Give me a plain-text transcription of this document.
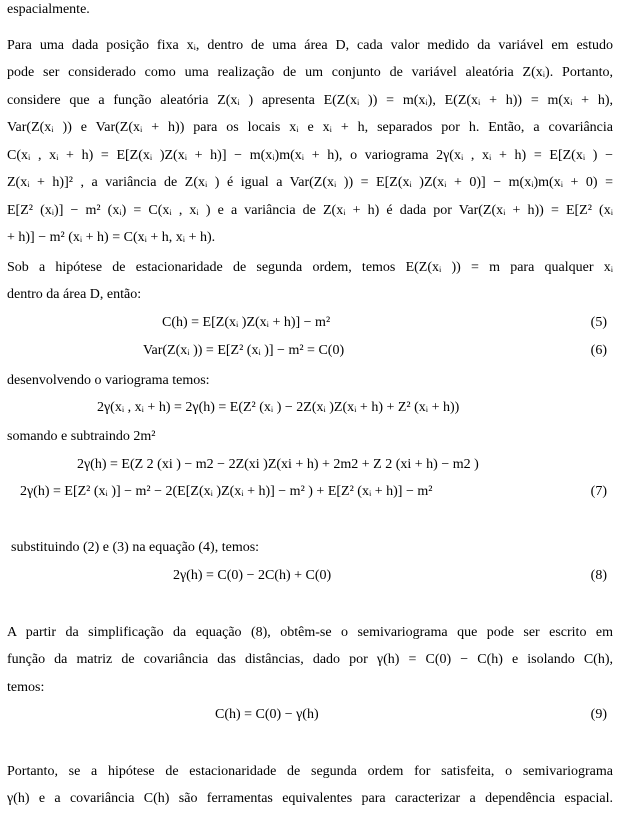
espacialmente.
Para uma dada posição fixa xᵢ, dentro de uma área D, cada valor medido da variável em estudo
pode ser considerado como uma realização de um conjunto de variável aleatória Z(xᵢ). Portanto,
considere que a função aleatória Z(xᵢ ) apresenta E(Z(xᵢ )) = m(xᵢ), E(Z(xᵢ + h)) = m(xᵢ + h),
Var(Z(xᵢ )) e Var(Z(xᵢ + h)) para os locais xᵢ e xᵢ + h, separados por h. Então, a covariância
C(xᵢ , xᵢ + h) = E[Z(xᵢ )Z(xᵢ + h)] − m(xᵢ)m(xᵢ + h), o variograma 2γ(xᵢ , xᵢ + h) = E[Z(xᵢ ) −
Z(xᵢ + h)]² , a variância de Z(xᵢ ) é igual a Var(Z(xᵢ )) = E[Z(xᵢ )Z(xᵢ + 0)] − m(xᵢ)m(xᵢ + 0) =
E[Z² (xᵢ)] − m² (xᵢ) = C(xᵢ , xᵢ ) e a variância de Z(xᵢ + h) é dada por Var(Z(xᵢ + h)) = E[Z² (xᵢ
+ h)] − m² (xᵢ + h) = C(xᵢ + h, xᵢ + h).
Sob a hipótese de estacionaridade de segunda ordem, temos E(Z(xᵢ )) = m para qualquer xᵢ
dentro da área D, então:
C(h) = E[Z(xᵢ )Z(xᵢ + h)] − m²	(5)
Var(Z(xᵢ )) = E[Z² (xᵢ )] − m² = C(0)	(6)
desenvolvendo o variograma temos:
2γ(xᵢ , xᵢ + h) = 2γ(h) = E(Z² (xᵢ ) − 2Z(xᵢ )Z(xᵢ + h) + Z² (xᵢ + h))
somando e subtraindo 2m²
2γ(h) = E(Z 2 (xi ) − m2 − 2Z(xi )Z(xi + h) + 2m2 + Z 2 (xi + h) − m2 )
2γ(h) = E[Z² (xᵢ )] − m² − 2(E[Z(xᵢ )Z(xᵢ + h)] − m² ) + E[Z² (xᵢ + h)] − m²	(7)
substituindo (2) e (3) na equação (4), temos:
2γ(h) = C(0) − 2C(h) + C(0)	(8)
A partir da simplificação da equação (8), obtêm-se o semivariograma que pode ser escrito em
função da matriz de covariância das distâncias, dado por γ(h) = C(0) − C(h) e isolando C(h),
temos:
C(h) = C(0) − γ(h)	(9)
Portanto, se a hipótese de estacionaridade de segunda ordem for satisfeita, o semivariograma
γ(h) e a covariância C(h) são ferramentas equivalentes para caracterizar a dependência espacial.
